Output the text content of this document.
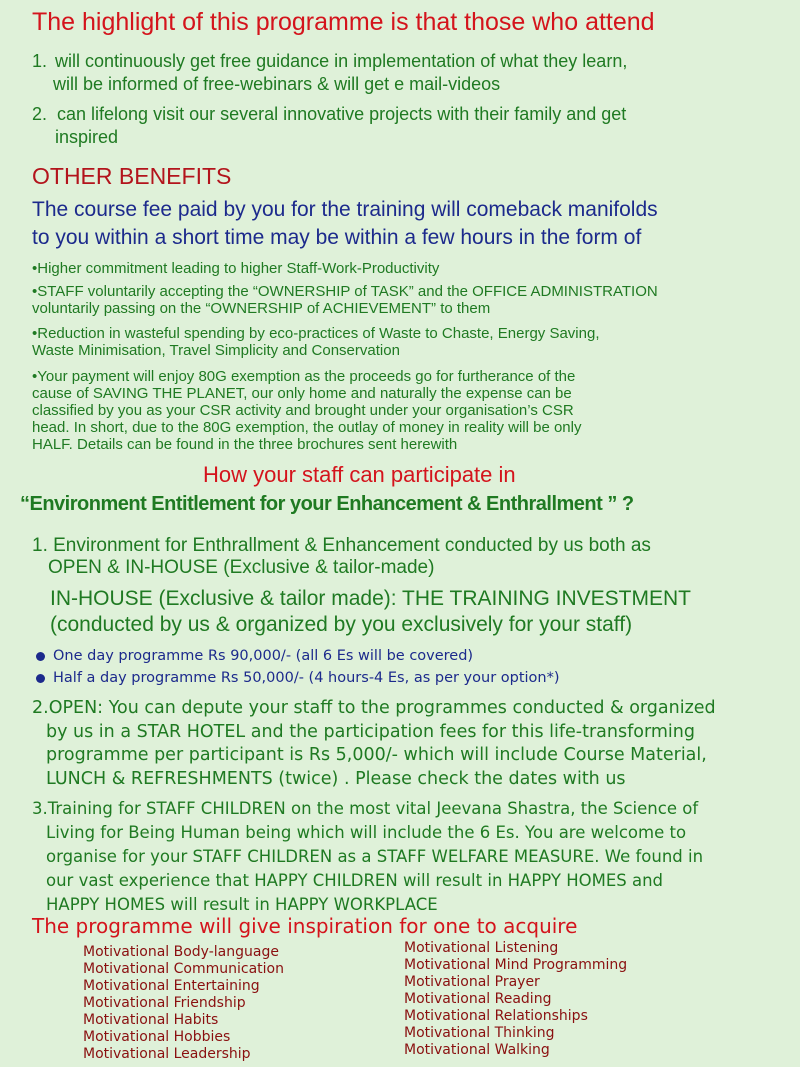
The highlight of this programme is that those who attend
1. will continuously get free guidance in implementation of what they learn,
will be informed of free-webinars & will get e mail-videos
2. can lifelong visit our several innovative projects with their family and get
inspired
OTHER BENEFITS
The course fee paid by you for the training will comeback manifolds
to you within a short time may be within a few hours in the form of
•Higher commitment leading to higher Staff-Work-Productivity
•STAFF voluntarily accepting the “OWNERSHIP of TASK” and the OFFICE ADMINISTRATION
voluntarily passing on the “OWNERSHIP of ACHIEVEMENT” to them
•Reduction in wasteful spending by eco-practices of Waste to Chaste, Energy Saving,
Waste Minimisation, Travel Simplicity and Conservation
•Your payment will enjoy 80G exemption as the proceeds go for furtherance of the
cause of SAVING THE PLANET, our only home and naturally the expense can be
classified by you as your CSR activity and brought under your organisation’s CSR
head. In short, due to the 80G exemption, the outlay of money in reality will be only
HALF. Details can be found in the three brochures sent herewith
How your staff can participate in
“Environment Entitlement for your Enhancement & Enthrallment ” ?
1. Environment for Enthrallment & Enhancement conducted by us both as
OPEN & IN-HOUSE (Exclusive & tailor-made)
IN-HOUSE (Exclusive & tailor made): THE TRAINING INVESTMENT
(conducted by us & organized by you exclusively for your staff)
One day programme Rs 90,000/- (all 6 Es will be covered)
Half a day programme Rs 50,000/- (4 hours-4 Es, as per your option*)
2.OPEN: You can depute your staff to the programmes conducted & organized
by us in a STAR HOTEL and the participation fees for this life-transforming
programme per participant is Rs 5,000/- which will include Course Material,
LUNCH & REFRESHMENTS (twice) . Please check the dates with us
3.Training for STAFF CHILDREN on the most vital Jeevana Shastra, the Science of
Living for Being Human being which will include the 6 Es. You are welcome to
organise for your STAFF CHILDREN as a STAFF WELFARE MEASURE. We found in
our vast experience that HAPPY CHILDREN will result in HAPPY HOMES and
HAPPY HOMES will result in HAPPY WORKPLACE
The programme will give inspiration for one to acquire
Motivational Body-language
Motivational Communication
Motivational Entertaining
Motivational Friendship
Motivational Habits
Motivational Hobbies
Motivational Leadership
Motivational Listening
Motivational Mind Programming
Motivational Prayer
Motivational Reading
Motivational Relationships
Motivational Thinking
Motivational Walking
